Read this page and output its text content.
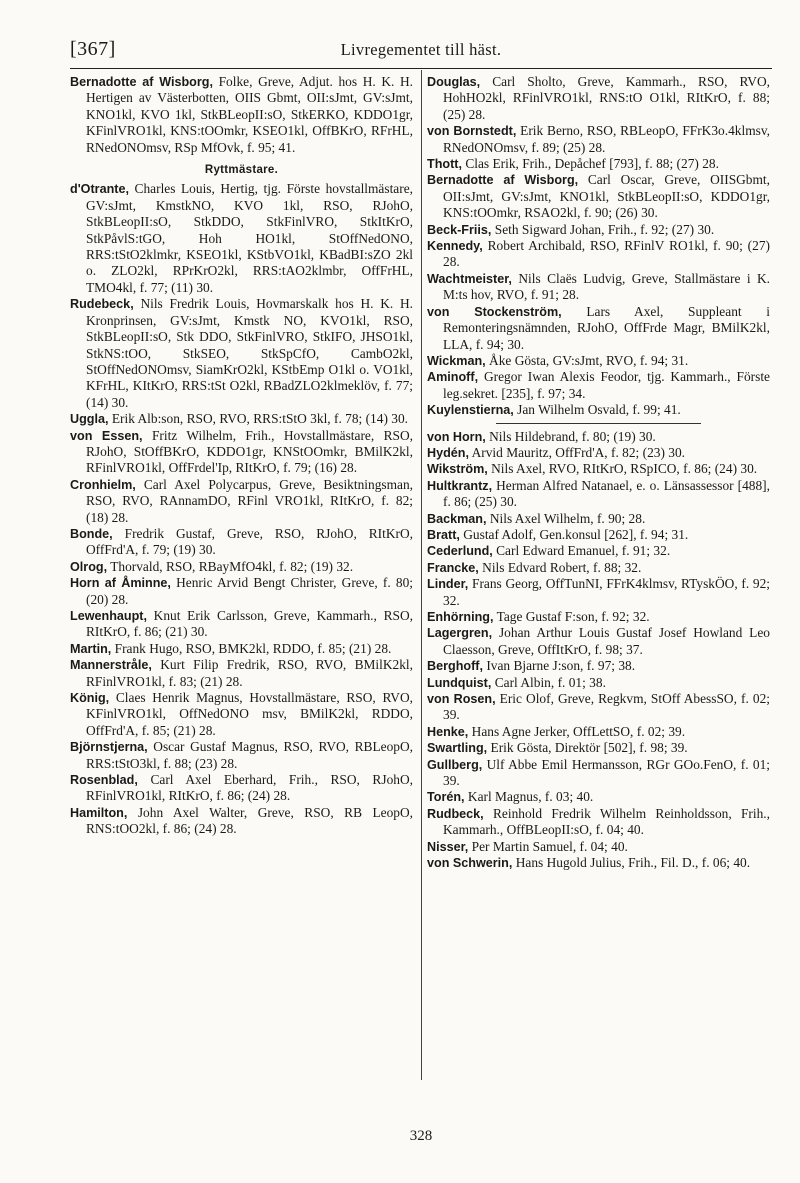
[367]	Livregementet till häst.

Bernadotte af Wisborg, Folke, Greve, Adjut. hos H. K. H. Hertigen av Västerbotten, OIIS Gbmt, OII:sJmt, GV:sJmt, KNO1kl, KVO 1kl, StkBLeopII:sO, StkERKO, KDDO1gr, KFinlVRO1kl, KNS:tOOmkr, KSEO1kl, OffBKrO, RFrHL, RNedONOmsv, RSp MfOvk, f. 95; 41.

Ryttmästare.

d'Otrante, Charles Louis, Hertig, tjg. Förste hovstallmästare, GV:sJmt, KmstkNO, KVO 1kl, RSO, RJohO, StkBLeopII:sO, StkDDO, StkFinlVRO, StkItKrO, StkPåvlS:tGO, Hoh HO1kl, StOffNedONO, RRS:tStO2klmkr, KSEO1kl, KStbVO1kl, KBadBI:sZO 2kl o. ZLO2kl, RPrKrO2kl, RRS:tAO2klmbr, OffFrHL, TMO4kl, f. 77; (11) 30.

Rudebeck, Nils Fredrik Louis, Hovmarskalk hos H. K. H. Kronprinsen, GV:sJmt, Kmstk NO, KVO1kl, RSO, StkBLeopII:sO, Stk DDO, StkFinlVRO, StkIFO, JHSO1kl, StkNS:tOO, StkSEO, StkSpCfO, CambO2kl, StOffNedONOmsv, SiamKrO2kl, KStbEmp O1kl o. VO1kl, KFrHL, KItKrO, RRS:tSt O2kl, RBadZLO2klmeklöv, f. 77; (14) 30.

Uggla, Erik Alb:son, RSO, RVO, RRS:tStO 3kl, f. 78; (14) 30.

von Essen, Fritz Wilhelm, Frih., Hovstallmästare, RSO, RJohO, StOffBKrO, KDDO1gr, KNStOOmkr, BMilK2kl, RFinlVRO1kl, OffFrdel'Ip, RItKrO, f. 79; (16) 28.

Cronhielm, Carl Axel Polycarpus, Greve, Besiktningsman, RSO, RVO, RAnnamDO, RFinl VRO1kl, RItKrO, f. 82; (18) 28.

Bonde, Fredrik Gustaf, Greve, RSO, RJohO, RItKrO, OffFrd'A, f. 79; (19) 30.

Olrog, Thorvald, RSO, RBayMfO4kl, f. 82; (19) 32.

Horn af Åminne, Henric Arvid Bengt Christer, Greve, f. 80; (20) 28.

Lewenhaupt, Knut Erik Carlsson, Greve, Kammarh., RSO, RItKrO, f. 86; (21) 30.

Martin, Frank Hugo, RSO, BMK2kl, RDDO, f. 85; (21) 28.

Mannerstråle, Kurt Filip Fredrik, RSO, RVO, BMilK2kl, RFinlVRO1kl, f. 83; (21) 28.

König, Claes Henrik Magnus, Hovstallmästare, RSO, RVO, KFinlVRO1kl, OffNedONO msv, BMilK2kl, RDDO, OffFrd'A, f. 85; (21) 28.

Björnstjerna, Oscar Gustaf Magnus, RSO, RVO, RBLeopO, RRS:tStO3kl, f. 88; (23) 28.

Rosenblad, Carl Axel Eberhard, Frih., RSO, RJohO, RFinlVRO1kl, RItKrO, f. 86; (24) 28.

Hamilton, John Axel Walter, Greve, RSO, RB LeopO, RNS:tOO2kl, f. 86; (24) 28.

Douglas, Carl Sholto, Greve, Kammarh., RSO, RVO, HohHO2kl, RFinlVRO1kl, RNS:tO O1kl, RItKrO, f. 88; (25) 28.

von Bornstedt, Erik Berno, RSO, RBLeopO, FFrK3o.4klmsv, RNedONOmsv, f. 89; (25) 28.

Thott, Clas Erik, Frih., Depåchef [793], f. 88; (27) 28.

Bernadotte af Wisborg, Carl Oscar, Greve, OIISGbmt, OII:sJmt, GV:sJmt, KNO1kl, StkBLeopII:sO, KDDO1gr, KNS:tOOmkr, RSAO2kl, f. 90; (26) 30.

Beck-Friis, Seth Sigward Johan, Frih., f. 92; (27) 30.

Kennedy, Robert Archibald, RSO, RFinlV RO1kl, f. 90; (27) 28.

Wachtmeister, Nils Claës Ludvig, Greve, Stallmästare i K. M:ts hov, RVO, f. 91; 28.

von Stockenström, Lars Axel, Suppleant i Remonteringsnämnden, RJohO, OffFrde Magr, BMilK2kl, LLA, f. 94; 30.

Wickman, Åke Gösta, GV:sJmt, RVO, f. 94; 31.

Aminoff, Gregor Iwan Alexis Feodor, tjg. Kammarh., Förste leg.sekret. [235], f. 97; 34.

Kuylenstierna, Jan Wilhelm Osvald, f. 99; 41.

von Horn, Nils Hildebrand, f. 80; (19) 30.

Hydén, Arvid Mauritz, OffFrd'A, f. 82; (23) 30.

Wikström, Nils Axel, RVO, RItKrO, RSpICO, f. 86; (24) 30.

Hultkrantz, Herman Alfred Natanael, e. o. Länsassessor [488], f. 86; (25) 30.

Backman, Nils Axel Wilhelm, f. 90; 28.

Bratt, Gustaf Adolf, Gen.konsul [262], f. 94; 31.

Cederlund, Carl Edward Emanuel, f. 91; 32.

Francke, Nils Edvard Robert, f. 88; 32.

Linder, Frans Georg, OffTunNI, FFrK4klmsv, RTyskÖO, f. 92; 32.

Enhörning, Tage Gustaf F:son, f. 92; 32.

Lagergren, Johan Arthur Louis Gustaf Josef Howland Leo Claesson, Greve, OffItKrO, f. 98; 37.

Berghoff, Ivan Bjarne J:son, f. 97; 38.

Lundquist, Carl Albin, f. 01; 38.

von Rosen, Eric Olof, Greve, Regkvm, StOff AbessSO, f. 02; 39.

Henke, Hans Agne Jerker, OffLettSO, f. 02; 39.

Swartling, Erik Gösta, Direktör [502], f. 98; 39.

Gullberg, Ulf Abbe Emil Hermansson, RGr GOo.FenO, f. 01; 39.

Torén, Karl Magnus, f. 03; 40.

Rudbeck, Reinhold Fredrik Wilhelm Reinholdsson, Frih., Kammarh., OffBLeopII:sO, f. 04; 40.

Nisser, Per Martin Samuel, f. 04; 40.

von Schwerin, Hans Hugold Julius, Frih., Fil. D., f. 06; 40.

328
